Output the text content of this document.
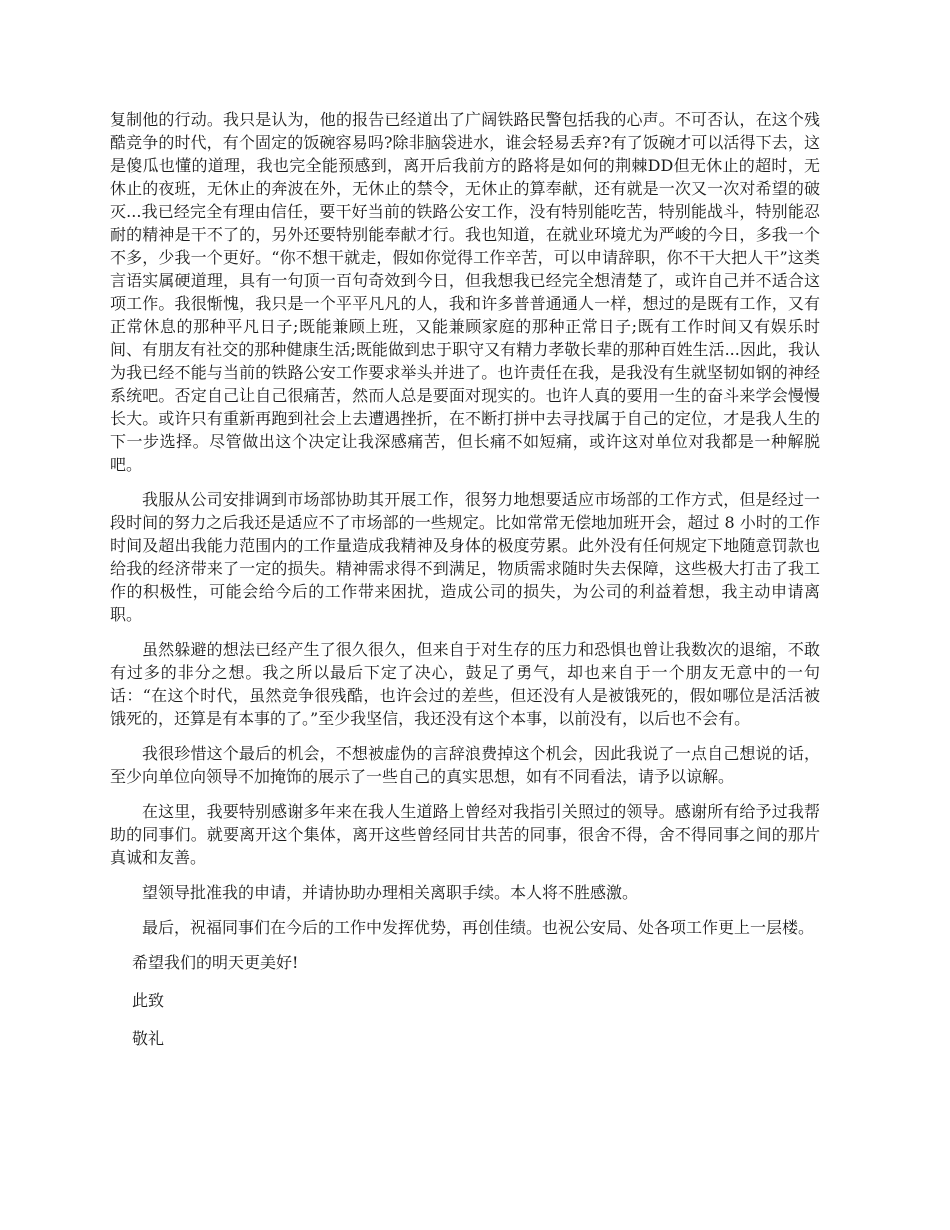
复制他的行动。我只是认为，他的报告已经道出了广阔铁路民警包括我的心声。不可否认，在这个残酷竞争的时代，有个固定的饭碗容易吗?除非脑袋进水，谁会轻易丢弃?有了饭碗才可以活得下去，这是傻瓜也懂的道理，我也完全能预感到，离开后我前方的路将是如何的荆棘DD但无休止的超时，无休止的夜班，无休止的奔波在外，无休止的禁令，无休止的算奉献，还有就是一次又一次对希望的破灭...我已经完全有理由信任，要干好当前的铁路公安工作，没有特别能吃苦，特别能战斗，特别能忍耐的精神是干不了的，另外还要特别能奉献才行。我也知道，在就业环境尤为严峻的今日，多我一个不多，少我一个更好。“你不想干就走，假如你觉得工作辛苦，可以申请辞职，你不干大把人干”这类言语实属硬道理，具有一句顶一百句奇效到今日，但我想我已经完全想清楚了，或许自己并不适合这项工作。我很惭愧，我只是一个平平凡凡的人，我和许多普普通通人一样，想过的是既有工作，又有正常休息的那种平凡日子;既能兼顾上班，又能兼顾家庭的那种正常日子;既有工作时间又有娱乐时间、有朋友有社交的那种健康生活;既能做到忠于职守又有精力孝敬长辈的那种百姓生活...因此，我认为我已经不能与当前的铁路公安工作要求举头并进了。也许责任在我，是我没有生就坚韧如钢的神经系统吧。否定自己让自己很痛苦，然而人总是要面对现实的。也许人真的要用一生的奋斗来学会慢慢长大。或许只有重新再跑到社会上去遭遇挫折，在不断打拼中去寻找属于自己的定位，才是我人生的下一步选择。尽管做出这个决定让我深感痛苦，但长痛不如短痛，或许这对单位对我都是一种解脱吧。

我服从公司安排调到市场部协助其开展工作，很努力地想要适应市场部的工作方式，但是经过一段时间的努力之后我还是适应不了市场部的一些规定。比如常常无偿地加班开会，超过 8 小时的工作时间及超出我能力范围内的工作量造成我精神及身体的极度劳累。此外没有任何规定下地随意罚款也给我的经济带来了一定的损失。精神需求得不到满足，物质需求随时失去保障，这些极大打击了我工作的积极性，可能会给今后的工作带来困扰，造成公司的损失，为公司的利益着想，我主动申请离职。

虽然躲避的想法已经产生了很久很久，但来自于对生存的压力和恐惧也曾让我数次的退缩，不敢有过多的非分之想。我之所以最后下定了决心，鼓足了勇气，却也来自于一个朋友无意中的一句话：“在这个时代，虽然竞争很残酷，也许会过的差些，但还没有人是被饿死的，假如哪位是活活被饿死的，还算是有本事的了。”至少我坚信，我还没有这个本事，以前没有，以后也不会有。

我很珍惜这个最后的机会，不想被虚伪的言辞浪费掉这个机会，因此我说了一点自己想说的话，至少向单位向领导不加掩饰的展示了一些自己的真实思想，如有不同看法，请予以谅解。

在这里，我要特别感谢多年来在我人生道路上曾经对我指引关照过的领导。感谢所有给予过我帮助的同事们。就要离开这个集体，离开这些曾经同甘共苦的同事，很舍不得，舍不得同事之间的那片真诚和友善。

望领导批准我的申请，并请协助办理相关离职手续。本人将不胜感激。

最后，祝福同事们在今后的工作中发挥优势，再创佳绩。也祝公安局、处各项工作更上一层楼。

希望我们的明天更美好!

此致

敬礼
